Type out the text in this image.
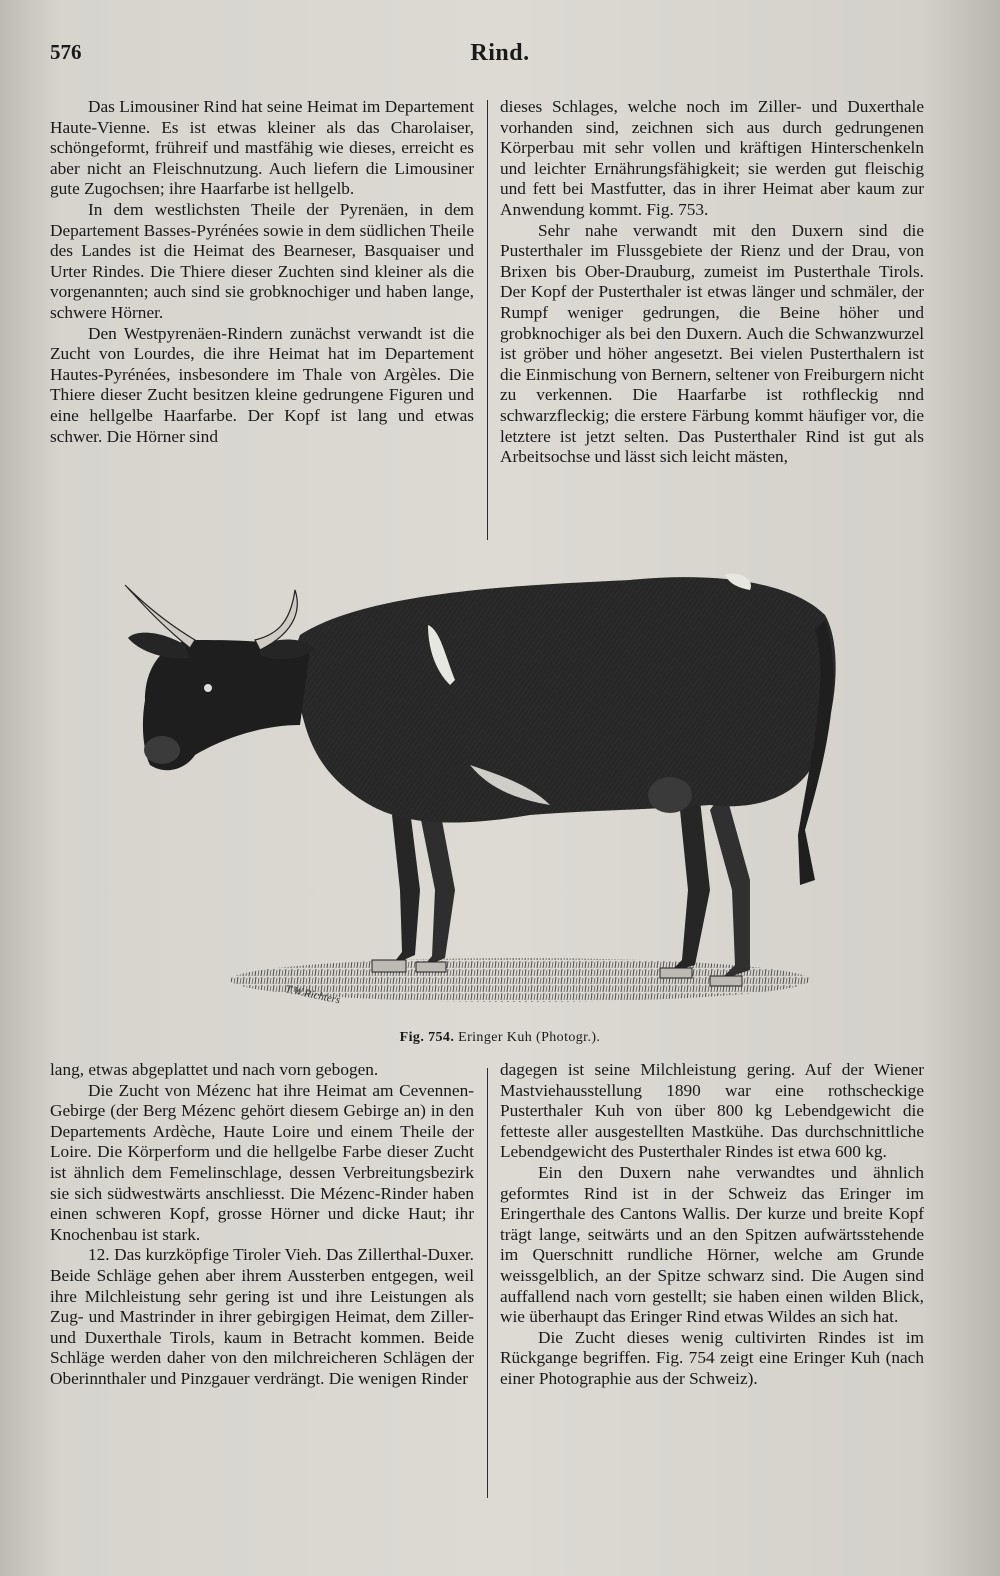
576	Rind.

Das Limousiner Rind hat seine Heimat im Departement Haute-Vienne. Es ist etwas kleiner als das Charolaiser, schöngeformt, frühreif und mastfähig wie dieses, erreicht es aber nicht an Fleischnutzung. Auch liefern die Limousiner gute Zugochsen; ihre Haarfarbe ist hellgelb.

In dem westlichsten Theile der Pyrenäen, in dem Departement Basses-Pyrénées sowie in dem südlichen Theile des Landes ist die Heimat des Bearneser, Basquaiser und Urter Rindes. Die Thiere dieser Zuchten sind kleiner als die vorgenannten; auch sind sie grobknochiger und haben lange, schwere Hörner.

Den Westpyrenäen-Rindern zunächst verwandt ist die Zucht von Lourdes, die ihre Heimat hat im Departement Hautes-Pyrénées, insbesondere im Thale von Argèles. Die Thiere dieser Zucht besitzen kleine gedrungene Figuren und eine hellgelbe Haarfarbe. Der Kopf ist lang und etwas schwer. Die Hörner sind

dieses Schlages, welche noch im Ziller- und Duxerthale vorhanden sind, zeichnen sich aus durch gedrungenen Körperbau mit sehr vollen und kräftigen Hinterschenkeln und leichter Ernährungsfähigkeit; sie werden gut fleischig und fett bei Mastfutter, das in ihrer Heimat aber kaum zur Anwendung kommt. Fig. 753.

Sehr nahe verwandt mit den Duxern sind die Pusterthaler im Flussgebiete der Rienz und der Drau, von Brixen bis Ober-Drauburg, zumeist im Pusterthale Tirols. Der Kopf der Pusterthaler ist etwas länger und schmäler, der Rumpf weniger gedrungen, die Beine höher und grobknochiger als bei den Duxern. Auch die Schwanzwurzel ist gröber und höher angesetzt. Bei vielen Pusterthalern ist die Einmischung von Bernern, seltener von Freiburgern nicht zu verkennen. Die Haarfarbe ist rothfleckig nnd schwarzfleckig; die erstere Färbung kommt häufiger vor, die letztere ist jetzt selten. Das Pusterthaler Rind ist gut als Arbeitsochse und lässt sich leicht mästen,

T.W.Richters
Fig. 754. Eringer Kuh (Photogr.).

lang, etwas abgeplattet und nach vorn gebogen.

Die Zucht von Mézenc hat ihre Heimat am Cevennen-Gebirge (der Berg Mézenc gehört diesem Gebirge an) in den Departements Ardèche, Haute Loire und einem Theile der Loire. Die Körperform und die hellgelbe Farbe dieser Zucht ist ähnlich dem Femelinschlage, dessen Verbreitungsbezirk sie sich südwestwärts anschliesst. Die Mézenc-Rinder haben einen schweren Kopf, grosse Hörner und dicke Haut; ihr Knochenbau ist stark.

12. Das kurzköpfige Tiroler Vieh. Das Zillerthal-Duxer. Beide Schläge gehen aber ihrem Aussterben entgegen, weil ihre Milchleistung sehr gering ist und ihre Leistungen als Zug- und Mastrinder in ihrer gebirgigen Heimat, dem Ziller- und Duxerthale Tirols, kaum in Betracht kommen. Beide Schläge werden daher von den milchreicheren Schlägen der Oberinnthaler und Pinzgauer verdrängt. Die wenigen Rinder

dagegen ist seine Milchleistung gering. Auf der Wiener Mastviehausstellung 1890 war eine rothscheckige Pusterthaler Kuh von über 800 kg Lebendgewicht die fetteste aller ausgestellten Mastkühe. Das durchschnittliche Lebendgewicht des Pusterthaler Rindes ist etwa 600 kg.

Ein den Duxern nahe verwandtes und ähnlich geformtes Rind ist in der Schweiz das Eringer im Eringerthale des Cantons Wallis. Der kurze und breite Kopf trägt lange, seitwärts und an den Spitzen aufwärtsstehende im Querschnitt rundliche Hörner, welche am Grunde weissgelblich, an der Spitze schwarz sind. Die Augen sind auffallend nach vorn gestellt; sie haben einen wilden Blick, wie überhaupt das Eringer Rind etwas Wildes an sich hat.

Die Zucht dieses wenig cultivirten Rindes ist im Rückgange begriffen. Fig. 754 zeigt eine Eringer Kuh (nach einer Photographie aus der Schweiz).
